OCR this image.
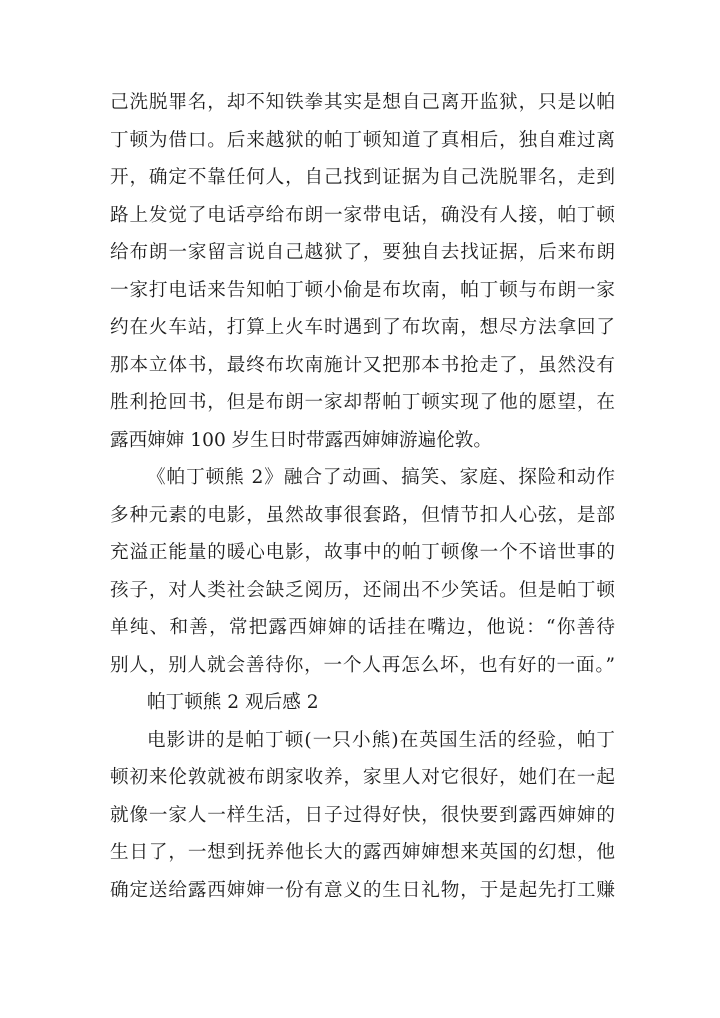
己洗脱罪名，却不知铁拳其实是想自己离开监狱，只是以帕
丁顿为借口。后来越狱的帕丁顿知道了真相后，独自难过离
开，确定不靠任何人，自己找到证据为自己洗脱罪名，走到
路上发觉了电话亭给布朗一家带电话，确没有人接，帕丁顿
给布朗一家留言说自己越狱了，要独自去找证据，后来布朗
一家打电话来告知帕丁顿小偷是布坎南，帕丁顿与布朗一家
约在火车站，打算上火车时遇到了布坎南，想尽方法拿回了
那本立体书，最终布坎南施计又把那本书抢走了，虽然没有
胜利抢回书，但是布朗一家却帮帕丁顿实现了他的愿望，在
露西婶婶 100 岁生日时带露西婶婶游遍伦敦。
《帕丁顿熊 2》融合了动画、搞笑、家庭、探险和动作
多种元素的电影，虽然故事很套路，但情节扣人心弦，是部
充溢正能量的暖心电影，故事中的帕丁顿像一个不谙世事的
孩子，对人类社会缺乏阅历，还闹出不少笑话。但是帕丁顿
单纯、和善，常把露西婶婶的话挂在嘴边，他说：“你善待
别人，别人就会善待你，一个人再怎么坏，也有好的一面。”
帕丁顿熊 2 观后感 2
电影讲的是帕丁顿(一只小熊)在英国生活的经验，帕丁
顿初来伦敦就被布朗家收养，家里人对它很好，她们在一起
就像一家人一样生活，日子过得好快，很快要到露西婶婶的
生日了，一想到抚养他长大的露西婶婶想来英国的幻想，他
确定送给露西婶婶一份有意义的生日礼物，于是起先打工赚
